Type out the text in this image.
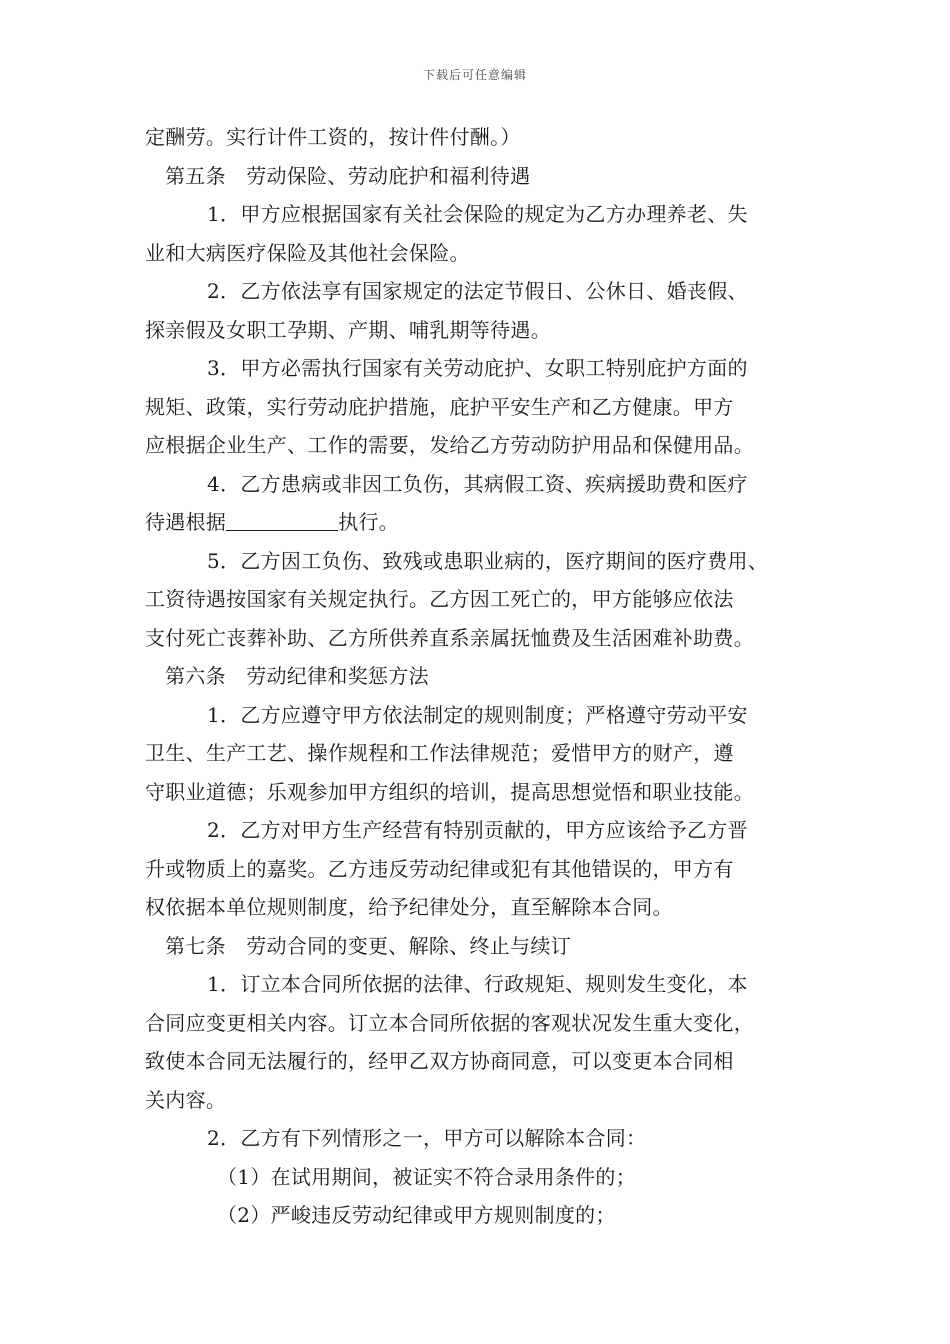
下载后可任意编辑
定酬劳。实行计件工资的，按计件付酬。）
第五条　劳动保险、劳动庇护和福利待遇
1．甲方应根据国家有关社会保险的规定为乙方办理养老、失
业和大病医疗保险及其他社会保险。
2．乙方依法享有国家规定的法定节假日、公休日、婚丧假、
探亲假及女职工孕期、产期、哺乳期等待遇。
3．甲方必需执行国家有关劳动庇护、女职工特别庇护方面的
规矩、政策，实行劳动庇护措施，庇护平安生产和乙方健康。甲方
应根据企业生产、工作的需要，发给乙方劳动防护用品和保健用品。
4．乙方患病或非因工负伤，其病假工资、疾病援助费和医疗
待遇根据	执行。
5．乙方因工负伤、致残或患职业病的，医疗期间的医疗费用、
工资待遇按国家有关规定执行。乙方因工死亡的，甲方能够应依法
支付死亡丧葬补助、乙方所供养直系亲属抚恤费及生活困难补助费。
第六条　劳动纪律和奖惩方法
1．乙方应遵守甲方依法制定的规则制度；严格遵守劳动平安
卫生、生产工艺、操作规程和工作法律规范；爱惜甲方的财产，遵
守职业道德；乐观参加甲方组织的培训，提高思想觉悟和职业技能。
2．乙方对甲方生产经营有特别贡献的，甲方应该给予乙方晋
升或物质上的嘉奖。乙方违反劳动纪律或犯有其他错误的，甲方有
权依据本单位规则制度，给予纪律处分，直至解除本合同。
第七条　劳动合同的变更、解除、终止与续订
1．订立本合同所依据的法律、行政规矩、规则发生变化，本
合同应变更相关内容。订立本合同所依据的客观状况发生重大变化，
致使本合同无法履行的，经甲乙双方协商同意，可以变更本合同相
关内容。
2．乙方有下列情形之一，甲方可以解除本合同：
（1）在试用期间，被证实不符合录用条件的；
（2）严峻违反劳动纪律或甲方规则制度的；
